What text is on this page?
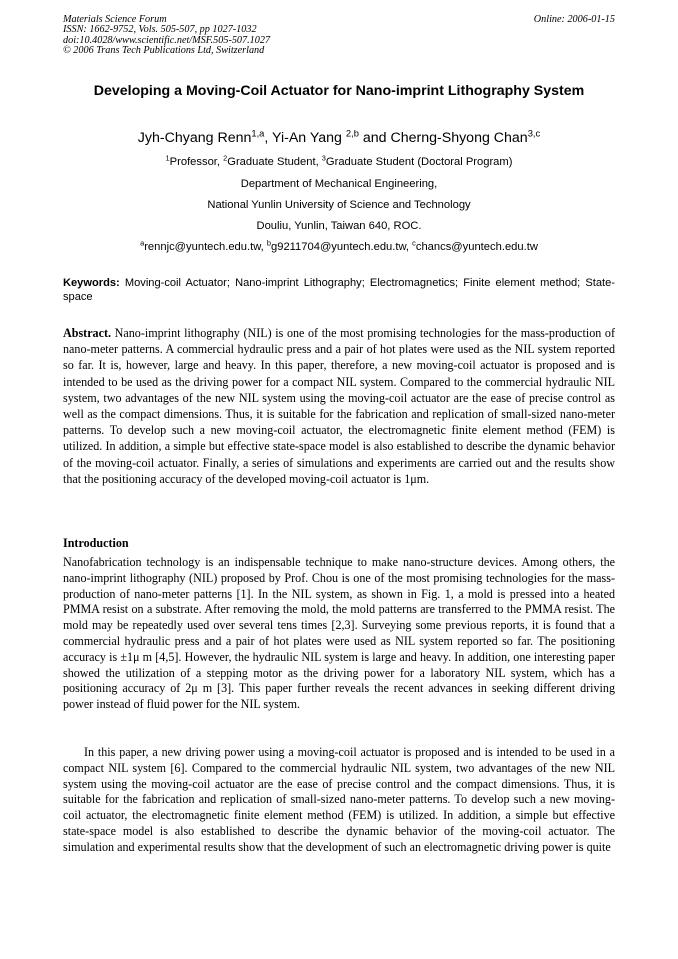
Materials Science Forum
ISSN: 1662-9752, Vols. 505-507, pp 1027-1032
doi:10.4028/www.scientific.net/MSF.505-507.1027
© 2006 Trans Tech Publications Ltd, Switzerland
Online: 2006-01-15
Developing a Moving-Coil Actuator for Nano-imprint Lithography System
Jyh-Chyang Renn$^{1,a}$, Yi-An Yang $^{2,b}$ and Cherng-Shyong Chan$^{3,c}$
$^1$Professor, $^2$Graduate Student, $^3$Graduate Student (Doctoral Program)
Department of Mechanical Engineering,
National Yunlin University of Science and Technology
Douliu, Yunlin, Taiwan 640, ROC.
$^a$rennjc@yuntech.edu.tw, $^b$g9211704@yuntech.edu.tw, $^c$chancs@yuntech.edu.tw
Keywords: Moving-coil Actuator; Nano-imprint Lithography; Electromagnetics; Finite element method; State-space
Abstract. Nano-imprint lithography (NIL) is one of the most promising technologies for the mass-production of nano-meter patterns. A commercial hydraulic press and a pair of hot plates were used as the NIL system reported so far. It is, however, large and heavy. In this paper, therefore, a new moving-coil actuator is proposed and is intended to be used as the driving power for a compact NIL system. Compared to the commercial hydraulic NIL system, two advantages of the new NIL system using the moving-coil actuator are the ease of precise control as well as the compact dimensions. Thus, it is suitable for the fabrication and replication of small-sized nano-meter patterns. To develop such a new moving-coil actuator, the electromagnetic finite element method (FEM) is utilized. In addition, a simple but effective state-space model is also established to describe the dynamic behavior of the moving-coil actuator. Finally, a series of simulations and experiments are carried out and the results show that the positioning accuracy of the developed moving-coil actuator is 1μm.
Introduction

Nanofabrication technology is an indispensable technique to make nano-structure devices. Among others, the nano-imprint lithography (NIL) proposed by Prof. Chou is one of the most promising technologies for the mass-production of nano-meter patterns [1]. In the NIL system, as shown in Fig. 1, a mold is pressed into a heated PMMA resist on a substrate. After removing the mold, the mold patterns are transferred to the PMMA resist. The mold may be repeatedly used over several tens times [2,3]. Surveying some previous reports, it is found that a commercial hydraulic press and a pair of hot plates were used as NIL system reported so far. The positioning accuracy is ±1μ m [4,5]. However, the hydraulic NIL system is large and heavy. In addition, one interesting paper showed the utilization of a stepping motor as the driving power for a laboratory NIL system, which has a positioning accuracy of 2μ m [3]. This paper further reveals the recent advances in seeking different driving power instead of fluid power for the NIL system.

In this paper, a new driving power using a moving-coil actuator is proposed and is intended to be used in a compact NIL system [6]. Compared to the commercial hydraulic NIL system, two advantages of the new NIL system using the moving-coil actuator are the ease of precise control and the compact dimensions. Thus, it is suitable for the fabrication and replication of small-sized nano-meter patterns. To develop such a new moving-coil actuator, the electromagnetic finite element method (FEM) is utilized. In addition, a simple but effective state-space model is also established to describe the dynamic behavior of the moving-coil actuator. The simulation and experimental results show that the development of such an electromagnetic driving power is quite
